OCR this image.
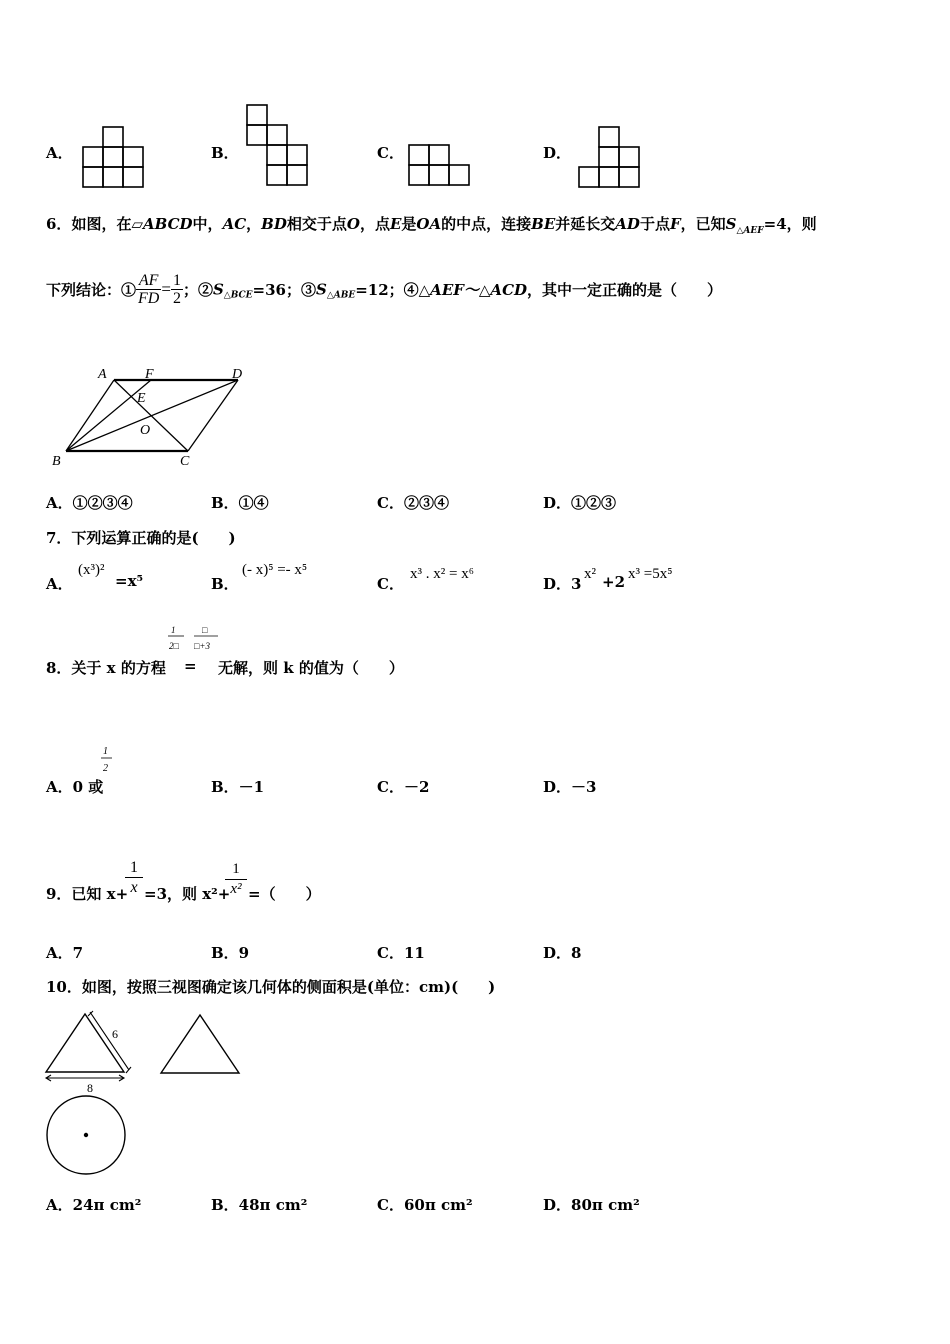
A．	B．	C．	D．
6．如图，在▱ABCD中，AC，BD相交于点O，点E是OA的中点，连接BE并延长交AD于点F，已知$S_{\triangle AEF}=4$，则
下列结论：① $\frac{AF}{FD} = \frac{1}{2}$ ；$②S_{\triangle BCE}=36$；$③S_{\triangle ABE}=12$；④△AEF～△ACD，其中一定正确的是（　　）
A	F	D
E
O
B	C
A．①②③④	B．①④	C．②③④	D．①②③
7．下列运算正确的是(　　)
A．
(x³)²
=x⁵	B．
(- x)⁵ =- x⁵
C．
x³ . x² = x⁶
D．3
x² +2 x³ =5x⁵
8．关于 x 的方程
1
2□
□
□+3
= 无解，则 k 的值为（　　）
A．0 或
1
2
B．－1	C．－2	D．－3
9．已知 x+
$\frac{1}{x} =3$，则 x²+
$\frac{1}{\text{x²}}$ =（　　）
A．7	B．9	C．11	D．8
10．如图，按照三视图确定该几何体的侧面积是(单位：cm)(　　)
6
8
A．24π cm²	B．48π cm²	C．60π cm²	D．80π cm²
